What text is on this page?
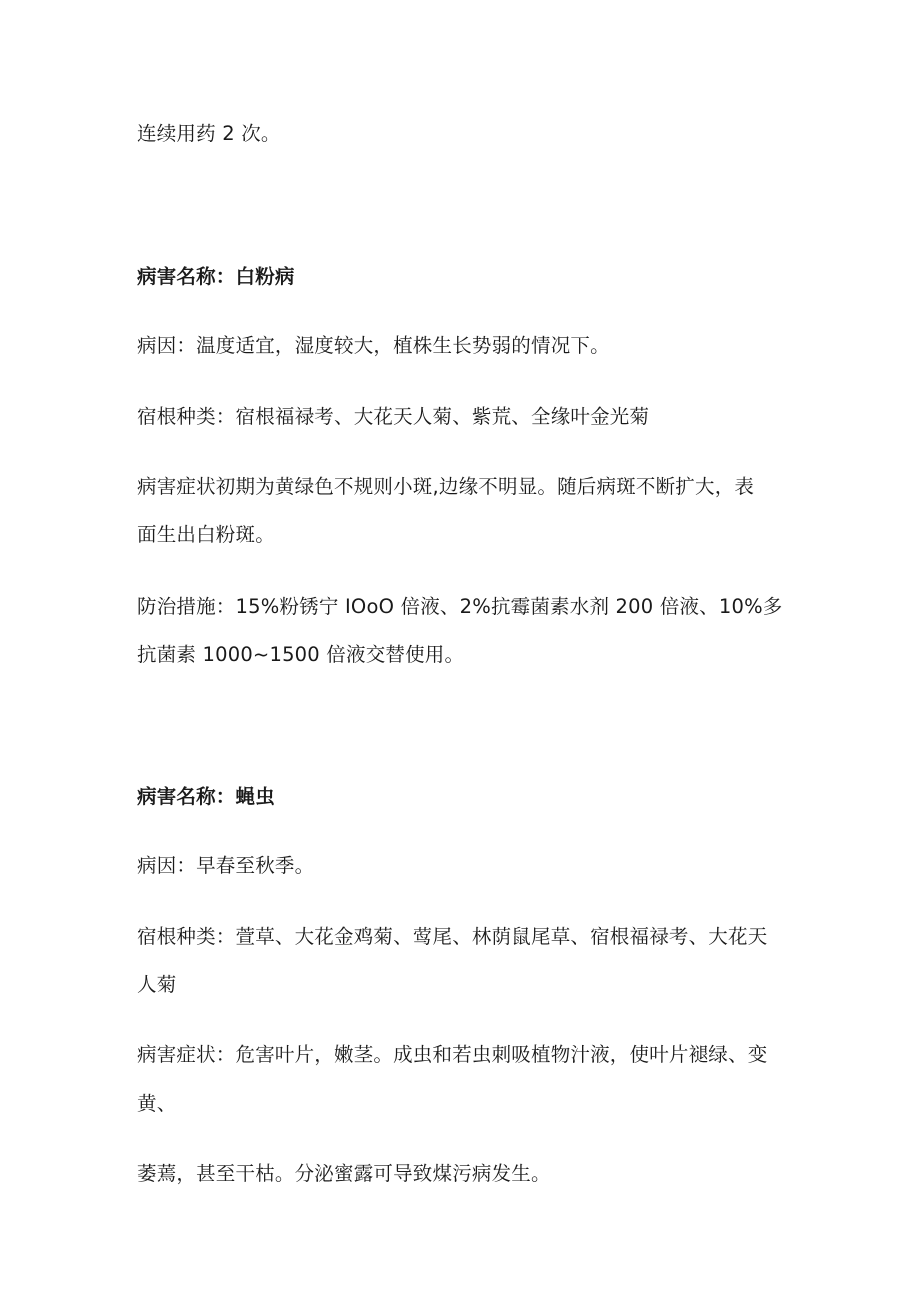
连续用药 2 次。
病害名称：白粉病
病因：温度适宜，湿度较大，植株生长势弱的情况下。
宿根种类：宿根福禄考、大花天人菊、紫荒、全缘叶金光菊
病害症状初期为黄绿色不规则小斑,边缘不明显。随后病斑不断扩大，表
面生出白粉斑。
防治措施：15%粉锈宁 IOoO 倍液、2%抗霉菌素水剂 200 倍液、10%多
抗菌素 1000~1500 倍液交替使用。
病害名称：蝇虫
病因：早春至秋季。
宿根种类：萱草、大花金鸡菊、莺尾、林荫鼠尾草、宿根福禄考、大花天
人菊
病害症状：危害叶片，嫩茎。成虫和若虫刺吸植物汁液，使叶片褪绿、变
黄、
萎蔫，甚至干枯。分泌蜜露可导致煤污病发生。
